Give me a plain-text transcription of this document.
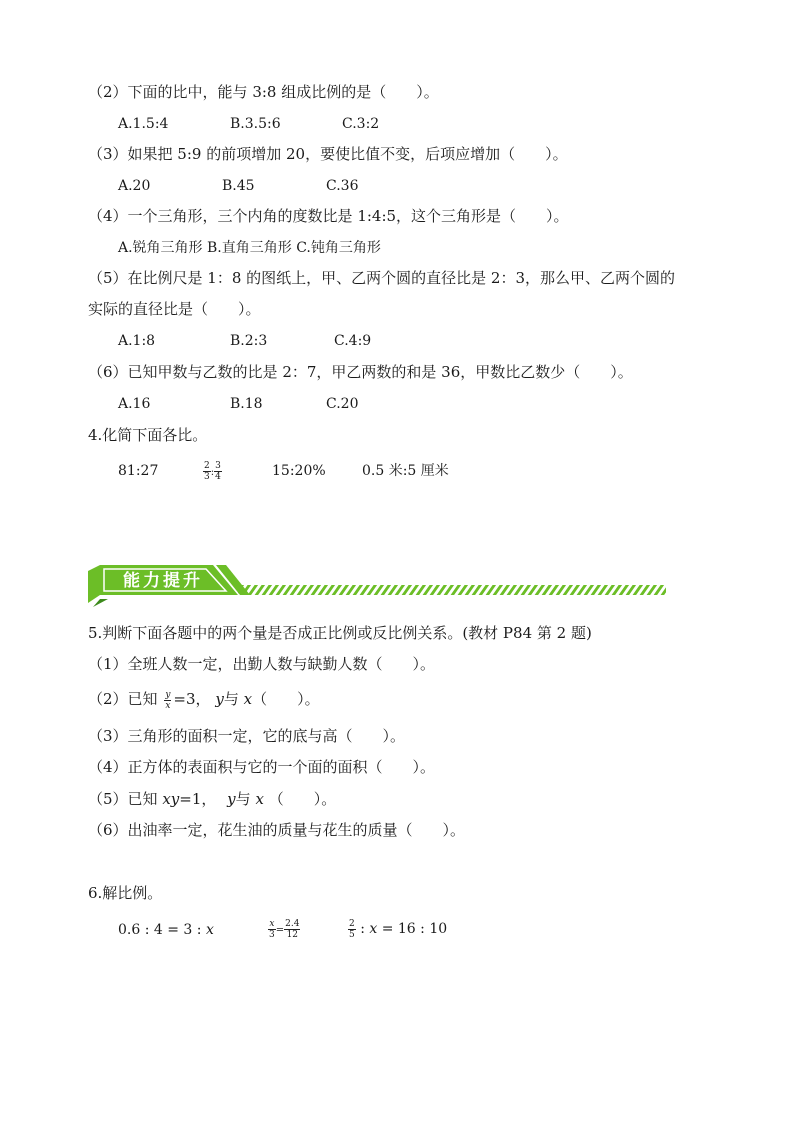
（2）下面的比中，能与 3:8 组成比例的是（　　）。
A.1.5:4	B.3.5:6	C.3:2
（3）如果把 5:9 的前项增加 20，要使比值不变，后项应增加（　　）。
A.20	B.45	C.36
（4）一个三角形，三个内角的度数比是 1:4:5，这个三角形是（　　）。
A.锐角三角形 B.直角三角形 C.钝角三角形
（5）在比例尺是 1：8 的图纸上，甲、乙两个圆的直径比是 2：3，那么甲、乙两个圆的
实际的直径比是（　　）。
A.1:8	B.2:3	C.4:9
（6）已知甲数与乙数的比是 2：7，甲乙两数的和是 36，甲数比乙数少（　　）。
A.16	B.18	C.20
4.化简下面各比。
81:27	$\frac{2}{3}$ : $\frac{3}{4}$	15:20%	0.5 米:5 厘米
能力提升
5.判断下面各题中的两个量是否成正比例或反比例关系。(教材 P84 第 2 题)
（1）全班人数一定，出勤人数与缺勤人数（　　）。
（2）已知 $\frac{y}{x} =3$， y与 x（　　）。
（3）三角形的面积一定，它的底与高（　　）。
（4）正方体的表面积与它的一个面的面积（　　）。
（5）已知 xy=1， y与 x （　　）。
（6）出油率一定，花生油的质量与花生的质量（　　）。
6.解比例。
0.6 : 4 = 3 : x	$\frac{x}{3} = \frac{2.4}{12}$	$\frac{2}{5}$ : x = 16 : 10
